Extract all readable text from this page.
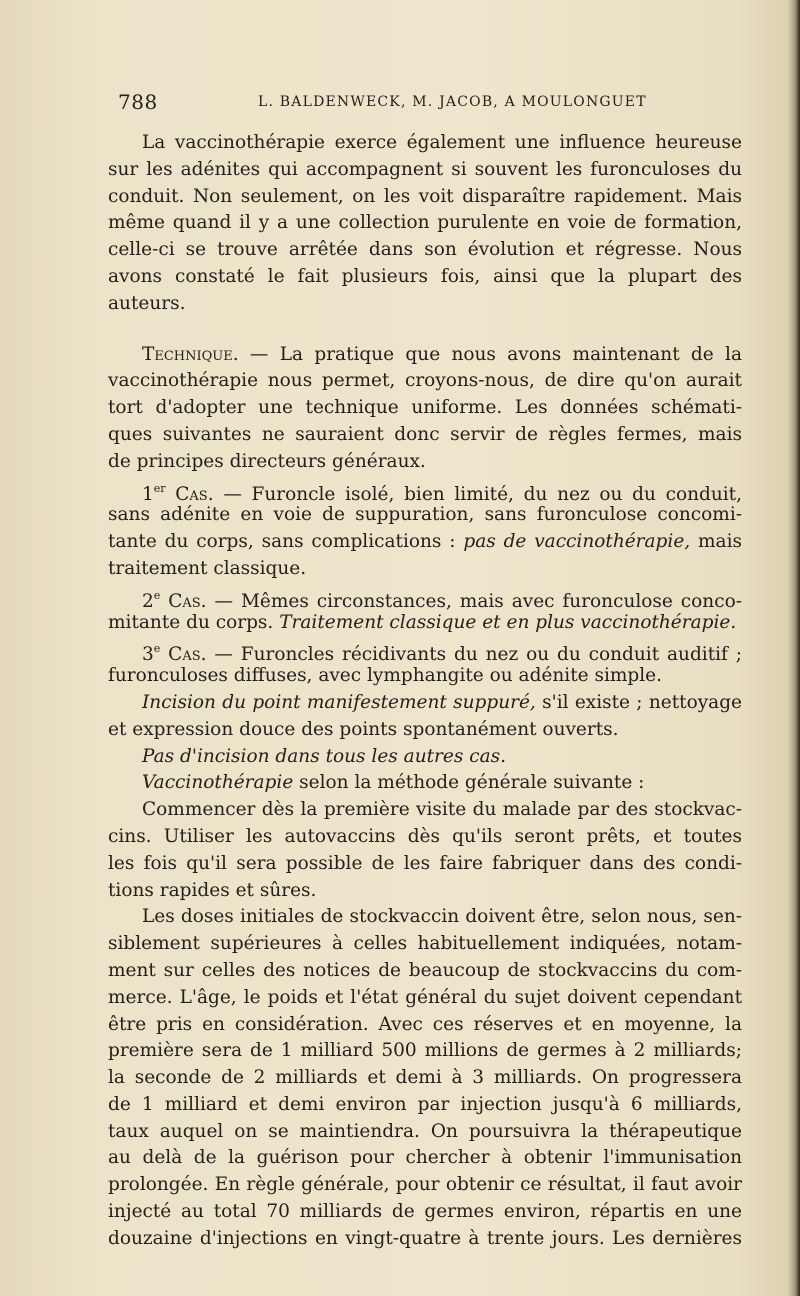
788	L. BALDENWECK, M. JACOB, A MOULONGUET
La vaccinothérapie exerce également une influence heureuse
sur les adénites qui accompagnent si souvent les furonculoses du
conduit. Non seulement, on les voit disparaître rapidement. Mais
même quand il y a une collection purulente en voie de formation,
celle-ci se trouve arrêtée dans son évolution et régresse. Nous
avons constaté le fait plusieurs fois, ainsi que la plupart des
auteurs.
Technique. — La pratique que nous avons maintenant de la
vaccinothérapie nous permet, croyons-nous, de dire qu'on aurait
tort d'adopter une technique uniforme. Les données schémati-
ques suivantes ne sauraient donc servir de règles fermes, mais
de principes directeurs généraux.
1er Cas. — Furoncle isolé, bien limité, du nez ou du conduit,
sans adénite en voie de suppuration, sans furonculose concomi-
tante du corps, sans complications : pas de vaccinothérapie, mais
traitement classique.
2e Cas. — Mêmes circonstances, mais avec furonculose conco-
mitante du corps. Traitement classique et en plus vaccinothérapie.
3e Cas. — Furoncles récidivants du nez ou du conduit auditif ;
furonculoses diffuses, avec lymphangite ou adénite simple.
Incision du point manifestement suppuré, s'il existe ; nettoyage
et expression douce des points spontanément ouverts.
Pas d'incision dans tous les autres cas.
Vaccinothérapie selon la méthode générale suivante :
Commencer dès la première visite du malade par des stockvac-
cins. Utiliser les autovaccins dès qu'ils seront prêts, et toutes
les fois qu'il sera possible de les faire fabriquer dans des condi-
tions rapides et sûres.
Les doses initiales de stockvaccin doivent être, selon nous, sen-
siblement supérieures à celles habituellement indiquées, notam-
ment sur celles des notices de beaucoup de stockvaccins du com-
merce. L'âge, le poids et l'état général du sujet doivent cependant
être pris en considération. Avec ces réserves et en moyenne, la
première sera de 1 milliard 500 millions de germes à 2 milliards;
la seconde de 2 milliards et demi à 3 milliards. On progressera
de 1 milliard et demi environ par injection jusqu'à 6 milliards,
taux auquel on se maintiendra. On poursuivra la thérapeutique
au delà de la guérison pour chercher à obtenir l'immunisation
prolongée. En règle générale, pour obtenir ce résultat, il faut avoir
injecté au total 70 milliards de germes environ, répartis en une
douzaine d'injections en vingt-quatre à trente jours. Les dernières
